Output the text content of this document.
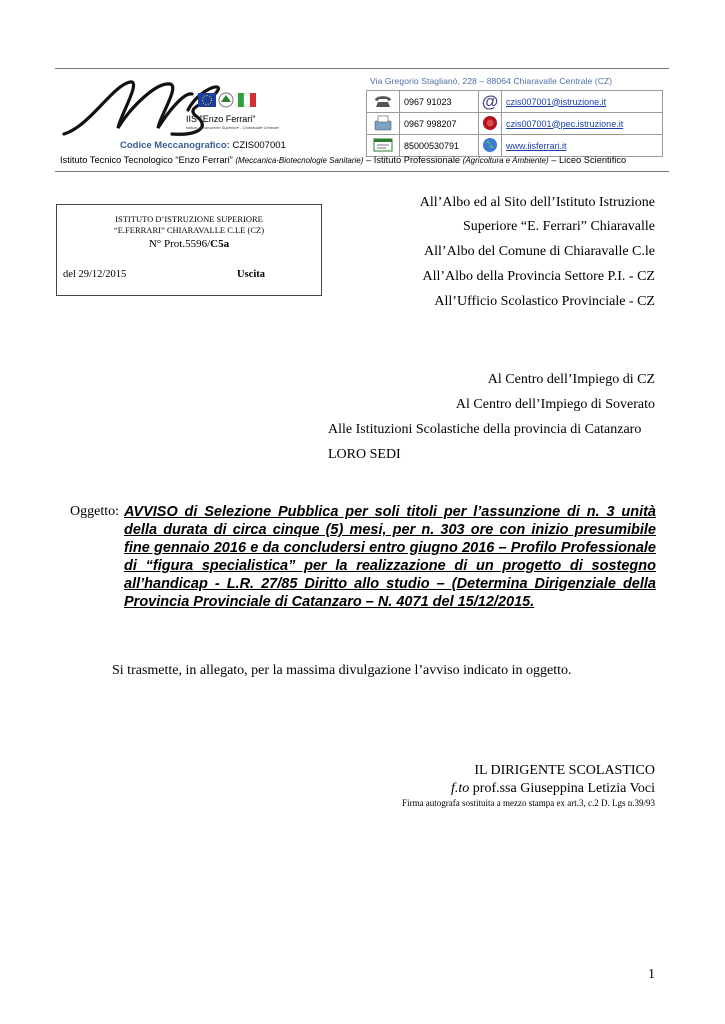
IIS "Enzo Ferrari"
Istituto di Istruzione Superiore - Chiaravalle Centrale
Via Gregorio Staglianò, 228 – 88064 Chiaravalle Centrale (CZ)
	0967 91023	@	czis007001@istruzione.it
	0967 998207		czis007001@pec.istruzione.it
	85000530791		www.iisferrari.it
Codice Meccanografico: CZIS007001
Istituto Tecnico Tecnologico “Enzo Ferrari” (Meccanica-Biotecnologie Sanitarie) – Istituto Professionale (Agricoltura e Ambiente) – Liceo Scientifico
ISTITUTO D’ISTRUZIONE SUPERIORE
“E.FERRARI” CHIARAVALLE C.LE (CZ)
N° Prot.5596/C5a
del 29/12/2015	Uscita
All’Albo ed al Sito dell’Istituto Istruzione
Superiore “E. Ferrari” Chiaravalle
All’Albo del Comune di Chiaravalle C.le
All’Albo della Provincia Settore P.I. - CZ
All’Ufficio Scolastico Provinciale - CZ
Al Centro dell’Impiego di CZ
Al Centro dell’Impiego di Soverato
Alle Istituzioni Scolastiche della provincia di Catanzaro
LORO SEDI
Oggetto: AVVISO di Selezione Pubblica per soli titoli per l’assunzione di n. 3 unità della durata di circa cinque (5) mesi, per n. 303 ore con inizio presumibile fine gennaio 2016 e da concludersi entro giugno 2016 – Profilo Professionale di “figura specialistica” per la realizzazione di un progetto di sostegno all’handicap - L.R. 27/85 Diritto allo studio – (Determina Dirigenziale della Provincia Provinciale di Catanzaro – N. 4071 del 15/12/2015.
Si trasmette, in allegato, per la massima divulgazione l’avviso indicato in oggetto.
IL DIRIGENTE SCOLASTICO
f.to prof.ssa Giuseppina Letizia Voci
Firma autografa sostituita a mezzo stampa ex art.3, c.2 D. Lgs n.39/93
1
